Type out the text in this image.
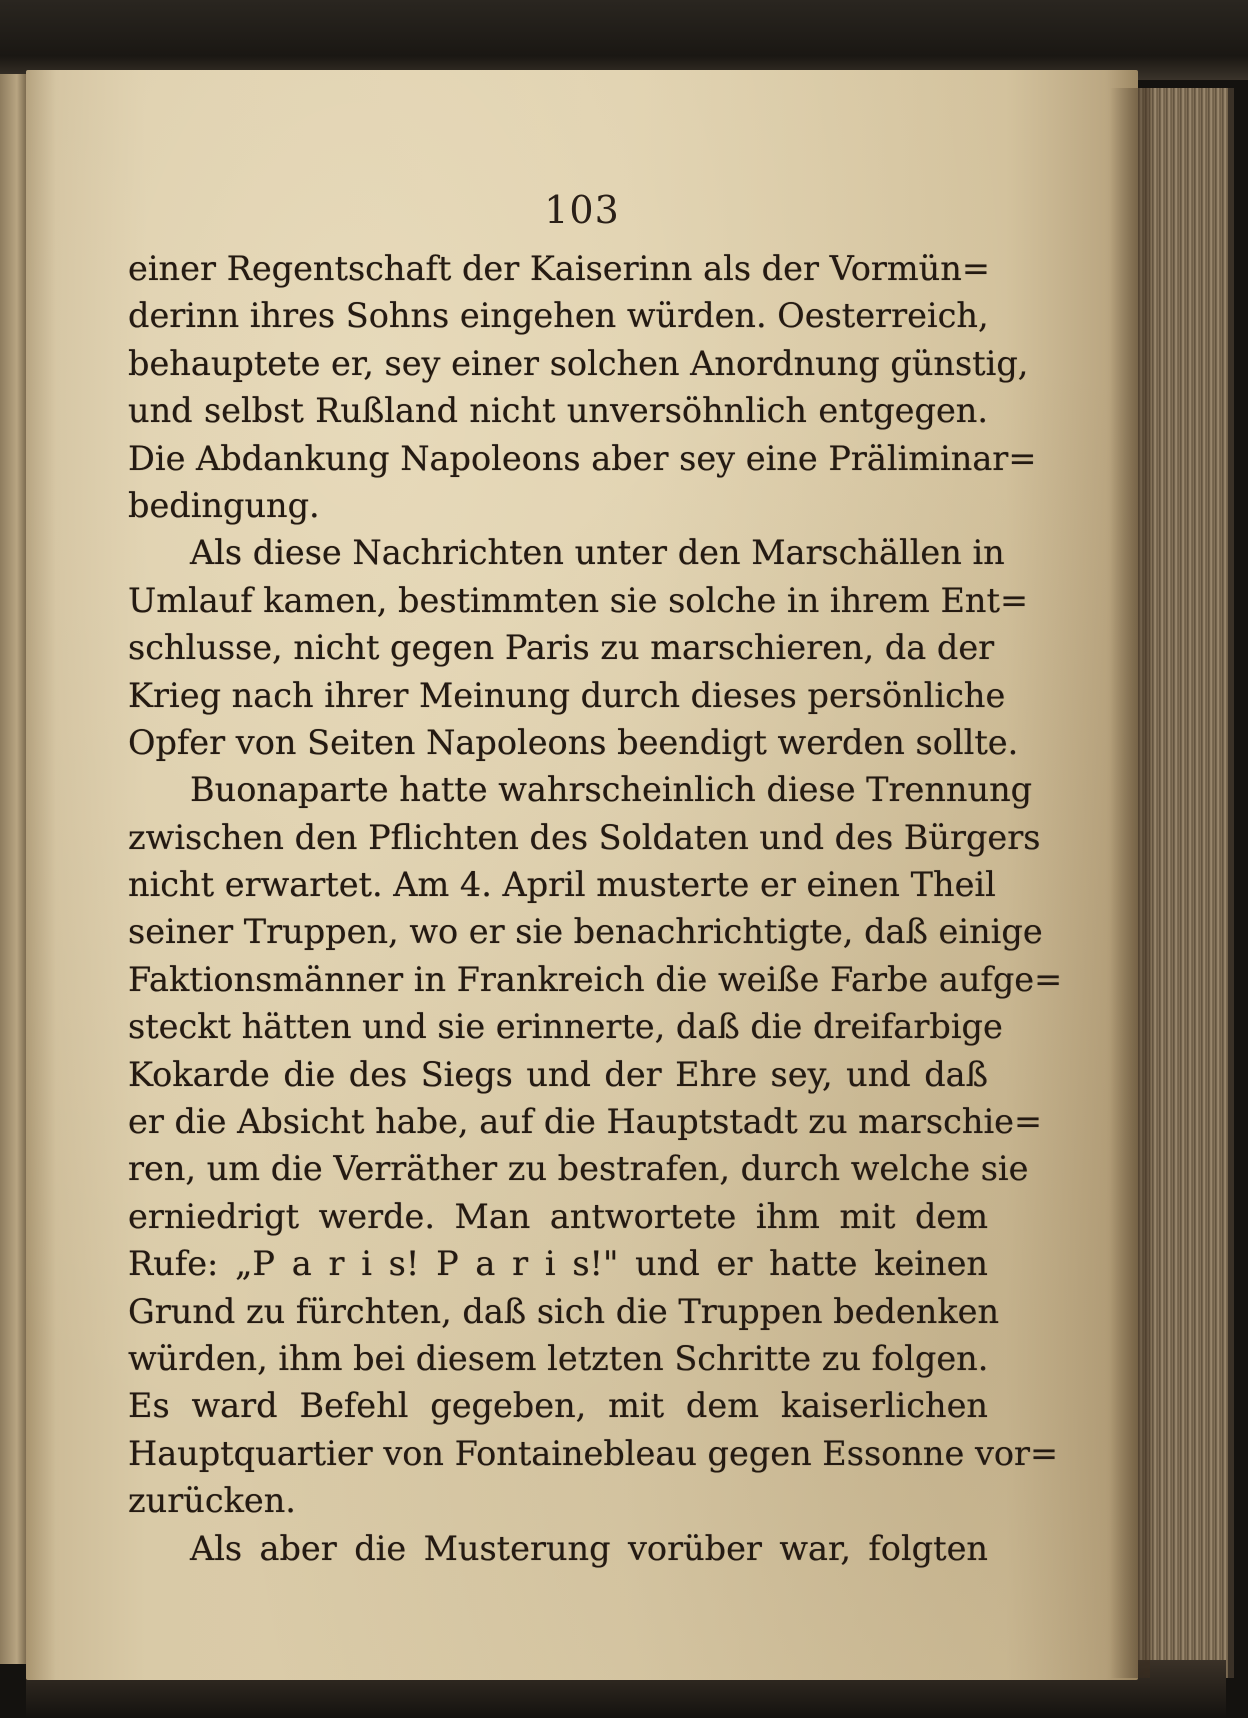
103
einer Regentschaft der Kaiserinn als der Vormün=
derinn ihres Sohns eingehen würden. Oesterreich,
behauptete er, sey einer solchen Anordnung günstig,
und selbst Rußland nicht unversöhnlich entgegen.
Die Abdankung Napoleons aber sey eine Präliminar=
bedingung.
Als diese Nachrichten unter den Marschällen in
Umlauf kamen, bestimmten sie solche in ihrem Ent=
schlusse, nicht gegen Paris zu marschieren, da der
Krieg nach ihrer Meinung durch dieses persönliche
Opfer von Seiten Napoleons beendigt werden sollte.
Buonaparte hatte wahrscheinlich diese Trennung
zwischen den Pflichten des Soldaten und des Bürgers
nicht erwartet. Am 4. April musterte er einen Theil
seiner Truppen, wo er sie benachrichtigte, daß einige
Faktionsmänner in Frankreich die weiße Farbe aufge=
steckt hätten und sie erinnerte, daß die dreifarbige
Kokarde die des Siegs und der Ehre sey, und daß
er die Absicht habe, auf die Hauptstadt zu marschie=
ren, um die Verräther zu bestrafen, durch welche sie
erniedrigt werde. Man antwortete ihm mit dem
Rufe: „P a r i s! P a r i s!" und er hatte keinen
Grund zu fürchten, daß sich die Truppen bedenken
würden, ihm bei diesem letzten Schritte zu folgen.
Es ward Befehl gegeben, mit dem kaiserlichen
Hauptquartier von Fontainebleau gegen Essonne vor=
zurücken.
Als aber die Musterung vorüber war, folgten
